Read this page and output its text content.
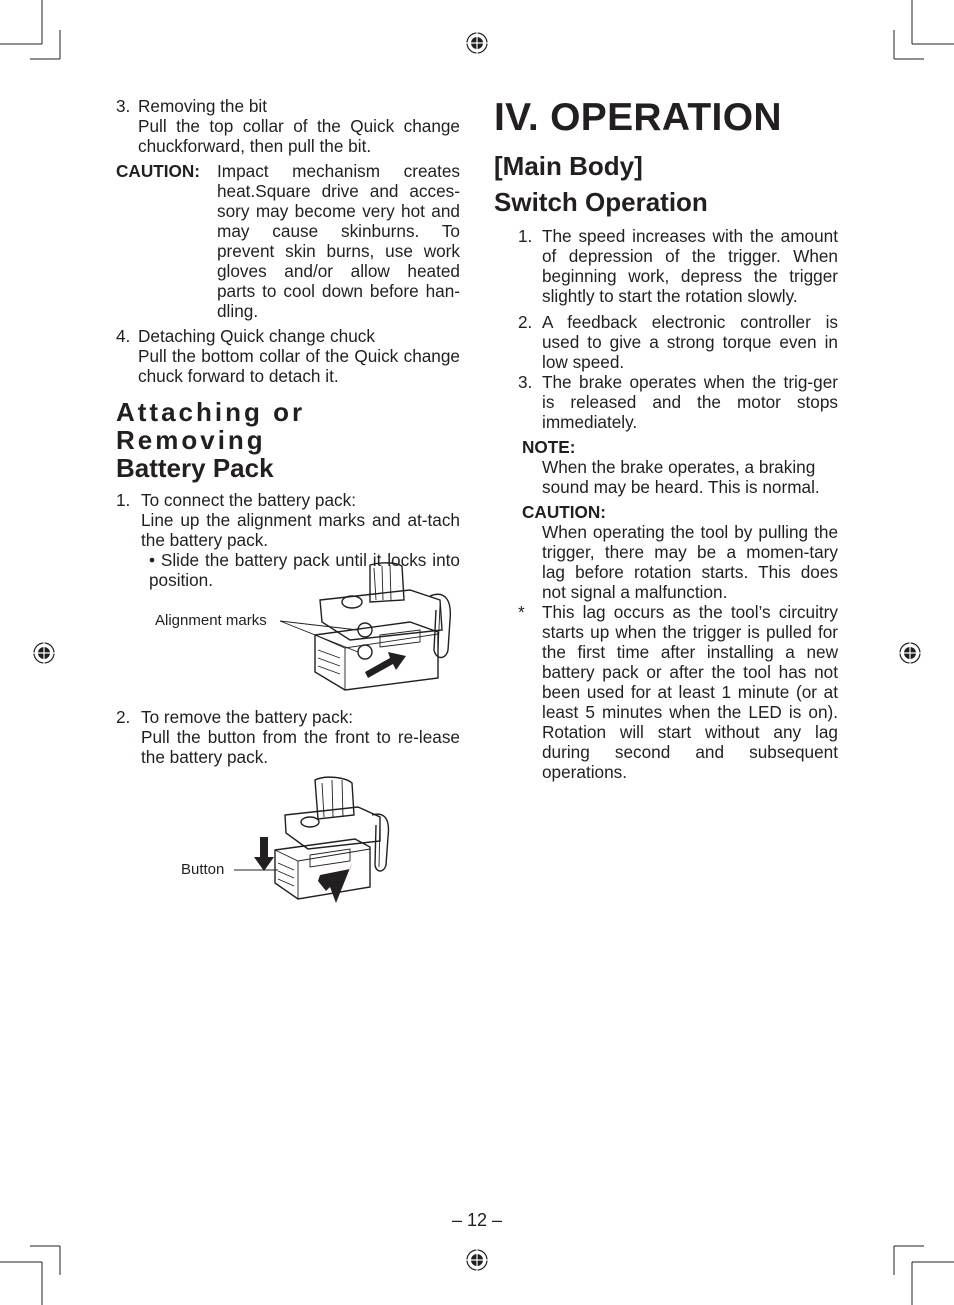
3. Removing the bit
Pull the top collar of the Quick change chuckforward, then pull the bit.
CAUTION: Impact mechanism creates heat.Square drive and acces-sory may become very hot and may cause skinburns. To prevent skin burns, use work gloves and/or allow heated parts to cool down before han-dling.
4. Detaching Quick change chuck
Pull the bottom collar of the Quick change chuck forward to detach it.
Attaching or Removing
Battery Pack
1. To connect the battery pack:
Line up the alignment marks and at-tach the battery pack.
• Slide the battery pack until it locks into position.
Alignment marks
2. To remove the battery pack:
Pull the button from the front to re-lease the battery pack.
Button
IV. OPERATION
[Main Body]
Switch Operation
1. The speed increases with the amount of depression of the trigger. When beginning work, depress the trigger slightly to start the rotation slowly.
2. A feedback electronic controller is used to give a strong torque even in low speed.
3. The brake operates when the trig-ger is released and the motor stops immediately.
NOTE:
When the brake operates, a braking sound may be heard. This is normal.
CAUTION:
When operating the tool by pulling the trigger, there may be a momen-tary lag before rotation starts. This does not signal a malfunction.
*	This lag occurs as the tool’s circuitry starts up when the trigger is pulled for the first time after installing a new battery pack or after the tool has not been used for at least 1 minute (or at least 5 minutes when the LED is on). Rotation will start without any lag during second and subsequent operations.
– 12 –
